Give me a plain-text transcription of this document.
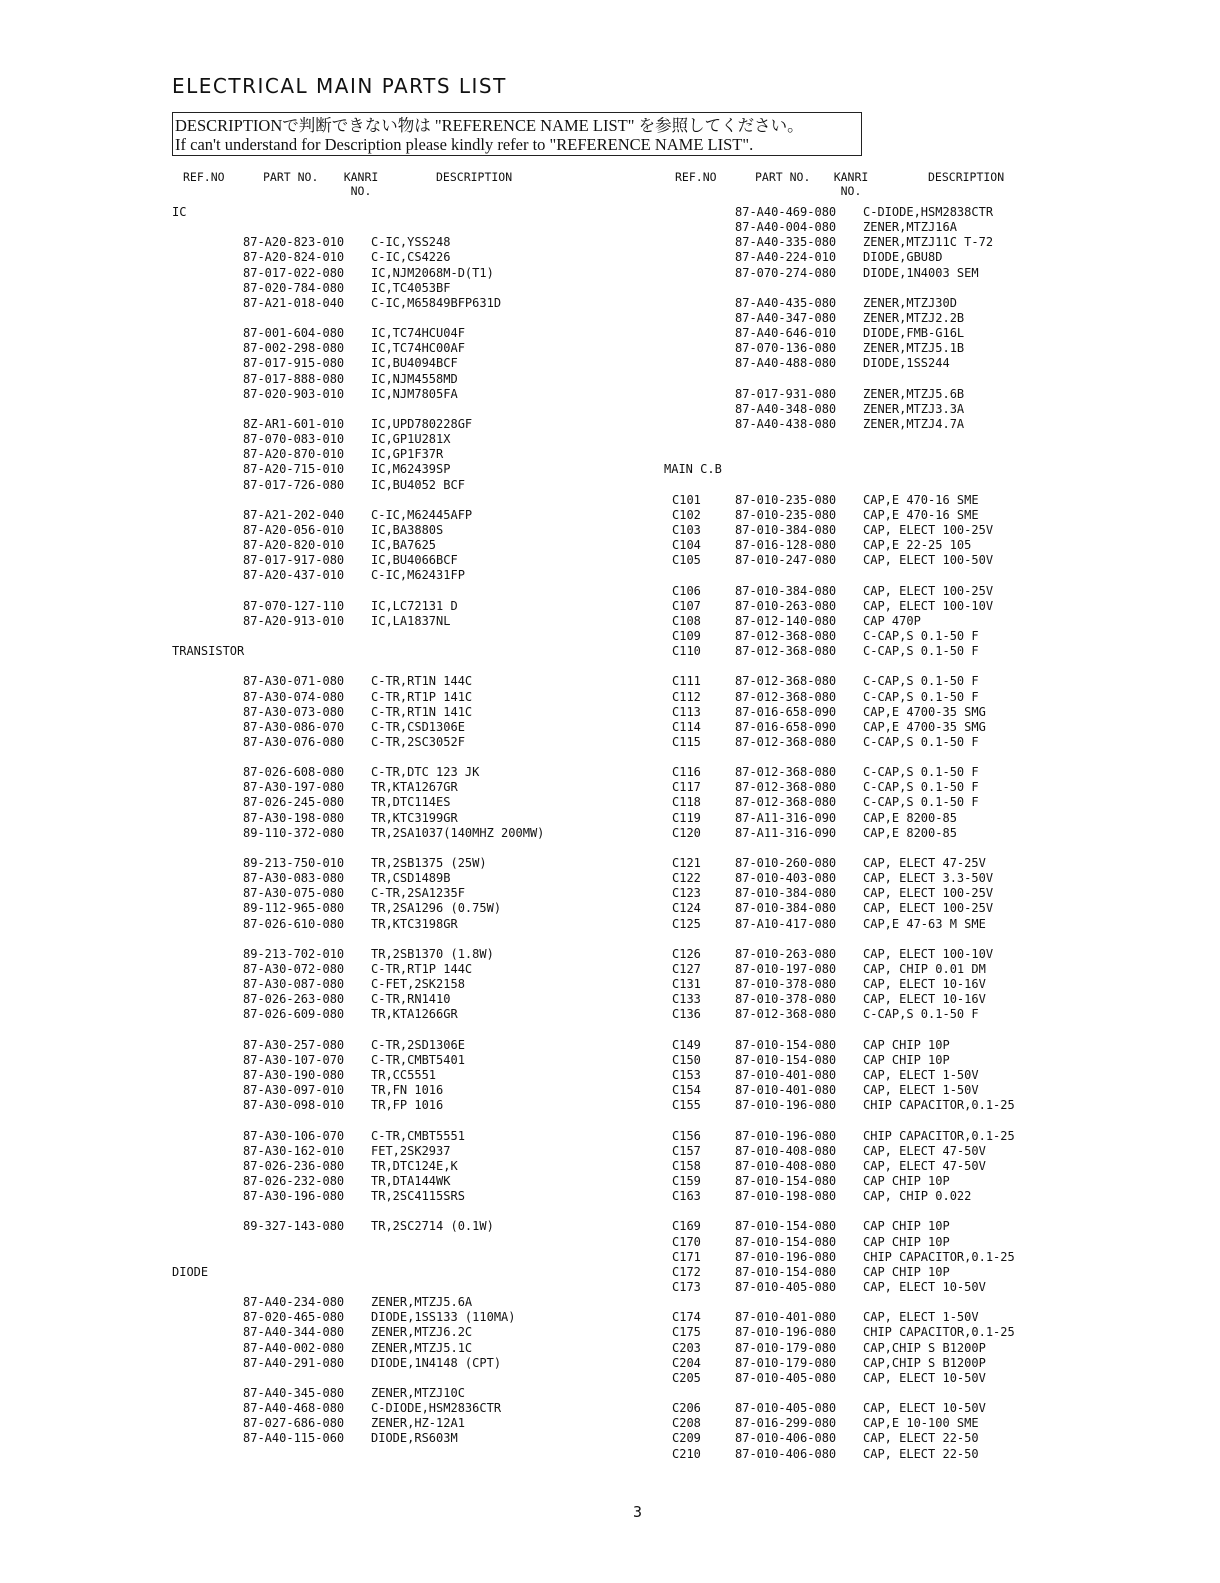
ELECTRICAL MAIN PARTS LIST
DESCRIPTIONで判断できない物は "REFERENCE NAME LIST" を参照してください。
If can't understand for Description please kindly refer to "REFERENCE NAME LIST".
REF.NO	PART NO.	KANRI
NO.
DESCRIPTION	REF.NO	PART NO.	KANRI
NO.
DESCRIPTION
IC
87-A20-823-010 C-IC,YSS248
87-A20-824-010 C-IC,CS4226
87-017-022-080 IC,NJM2068M-D(T1)
87-020-784-080 IC,TC4053BF
87-A21-018-040 C-IC,M65849BFP631D
87-001-604-080 IC,TC74HCU04F
87-002-298-080 IC,TC74HC00AF
87-017-915-080 IC,BU4094BCF
87-017-888-080 IC,NJM4558MD
87-020-903-010 IC,NJM7805FA
8Z-AR1-601-010 IC,UPD780228GF
87-070-083-010 IC,GP1U281X
87-A20-870-010 IC,GP1F37R
87-A20-715-010 IC,M62439SP
87-017-726-080 IC,BU4052 BCF
87-A21-202-040 C-IC,M62445AFP
87-A20-056-010 IC,BA3880S
87-A20-820-010 IC,BA7625
87-017-917-080 IC,BU4066BCF
87-A20-437-010 C-IC,M62431FP
87-070-127-110 IC,LC72131 D
87-A20-913-010 IC,LA1837NL
TRANSISTOR
87-A30-071-080 C-TR,RT1N 144C
87-A30-074-080 C-TR,RT1P 141C
87-A30-073-080 C-TR,RT1N 141C
87-A30-086-070 C-TR,CSD1306E
87-A30-076-080 C-TR,2SC3052F
87-026-608-080 C-TR,DTC 123 JK
87-A30-197-080 TR,KTA1267GR
87-026-245-080 TR,DTC114ES
87-A30-198-080 TR,KTC3199GR
89-110-372-080 TR,2SA1037(140MHZ 200MW)
89-213-750-010 TR,2SB1375 (25W)
87-A30-083-080 TR,CSD1489B
87-A30-075-080 C-TR,2SA1235F
89-112-965-080 TR,2SA1296 (0.75W)
87-026-610-080 TR,KTC3198GR
89-213-702-010 TR,2SB1370 (1.8W)
87-A30-072-080 C-TR,RT1P 144C
87-A30-087-080 C-FET,2SK2158
87-026-263-080 C-TR,RN1410
87-026-609-080 TR,KTA1266GR
87-A30-257-080 C-TR,2SD1306E
87-A30-107-070 C-TR,CMBT5401
87-A30-190-080 TR,CC5551
87-A30-097-010 TR,FN 1016
87-A30-098-010 TR,FP 1016
87-A30-106-070 C-TR,CMBT5551
87-A30-162-010 FET,2SK2937
87-026-236-080 TR,DTC124E,K
87-026-232-080 TR,DTA144WK
87-A30-196-080 TR,2SC4115SRS
89-327-143-080 TR,2SC2714 (0.1W)
DIODE
87-A40-234-080 ZENER,MTZJ5.6A
87-020-465-080 DIODE,1SS133 (110MA)
87-A40-344-080 ZENER,MTZJ6.2C
87-A40-002-080 ZENER,MTZJ5.1C
87-A40-291-080 DIODE,1N4148 (CPT)
87-A40-345-080 ZENER,MTZJ10C
87-A40-468-080 C-DIODE,HSM2836CTR
87-027-686-080 ZENER,HZ-12A1
87-A40-115-060 DIODE,RS603M
87-A40-469-080 C-DIODE,HSM2838CTR
87-A40-004-080 ZENER,MTZJ16A
87-A40-335-080 ZENER,MTZJ11C T-72
87-A40-224-010 DIODE,GBU8D
87-070-274-080 DIODE,1N4003 SEM
87-A40-435-080 ZENER,MTZJ30D
87-A40-347-080 ZENER,MTZJ2.2B
87-A40-646-010 DIODE,FMB-G16L
87-070-136-080 ZENER,MTZJ5.1B
87-A40-488-080 DIODE,1SS244
87-017-931-080 ZENER,MTZJ5.6B
87-A40-348-080 ZENER,MTZJ3.3A
87-A40-438-080 ZENER,MTZJ4.7A
MAIN C.B
C101	87-010-235-080 CAP,E 470-16 SME
C102	87-010-235-080 CAP,E 470-16 SME
C103	87-010-384-080 CAP, ELECT 100-25V
C104	87-016-128-080 CAP,E 22-25 105
C105	87-010-247-080 CAP, ELECT 100-50V
C106	87-010-384-080 CAP, ELECT 100-25V
C107	87-010-263-080 CAP, ELECT 100-10V
C108	87-012-140-080 CAP 470P
C109	87-012-368-080 C-CAP,S 0.1-50 F
C110	87-012-368-080 C-CAP,S 0.1-50 F
C111	87-012-368-080 C-CAP,S 0.1-50 F
C112	87-012-368-080 C-CAP,S 0.1-50 F
C113	87-016-658-090 CAP,E 4700-35 SMG
C114	87-016-658-090 CAP,E 4700-35 SMG
C115	87-012-368-080 C-CAP,S 0.1-50 F
C116	87-012-368-080 C-CAP,S 0.1-50 F
C117	87-012-368-080 C-CAP,S 0.1-50 F
C118	87-012-368-080 C-CAP,S 0.1-50 F
C119	87-A11-316-090 CAP,E 8200-85
C120	87-A11-316-090 CAP,E 8200-85
C121	87-010-260-080 CAP, ELECT 47-25V
C122	87-010-403-080 CAP, ELECT 3.3-50V
C123	87-010-384-080 CAP, ELECT 100-25V
C124	87-010-384-080 CAP, ELECT 100-25V
C125	87-A10-417-080 CAP,E 47-63 M SME
C126	87-010-263-080 CAP, ELECT 100-10V
C127	87-010-197-080 CAP, CHIP 0.01 DM
C131	87-010-378-080 CAP, ELECT 10-16V
C133	87-010-378-080 CAP, ELECT 10-16V
C136	87-012-368-080 C-CAP,S 0.1-50 F
C149	87-010-154-080 CAP CHIP 10P
C150	87-010-154-080 CAP CHIP 10P
C153	87-010-401-080 CAP, ELECT 1-50V
C154	87-010-401-080 CAP, ELECT 1-50V
C155	87-010-196-080 CHIP CAPACITOR,0.1-25
C156	87-010-196-080 CHIP CAPACITOR,0.1-25
C157	87-010-408-080 CAP, ELECT 47-50V
C158	87-010-408-080 CAP, ELECT 47-50V
C159	87-010-154-080 CAP CHIP 10P
C163	87-010-198-080 CAP, CHIP 0.022
C169	87-010-154-080 CAP CHIP 10P
C170	87-010-154-080 CAP CHIP 10P
C171	87-010-196-080 CHIP CAPACITOR,0.1-25
C172	87-010-154-080 CAP CHIP 10P
C173	87-010-405-080 CAP, ELECT 10-50V
C174	87-010-401-080 CAP, ELECT 1-50V
C175	87-010-196-080 CHIP CAPACITOR,0.1-25
C203	87-010-179-080 CAP,CHIP S B1200P
C204	87-010-179-080 CAP,CHIP S B1200P
C205	87-010-405-080 CAP, ELECT 10-50V
C206	87-010-405-080 CAP, ELECT 10-50V
C208	87-016-299-080 CAP,E 10-100 SME
C209	87-010-406-080 CAP, ELECT 22-50
C210	87-010-406-080 CAP, ELECT 22-50
3
